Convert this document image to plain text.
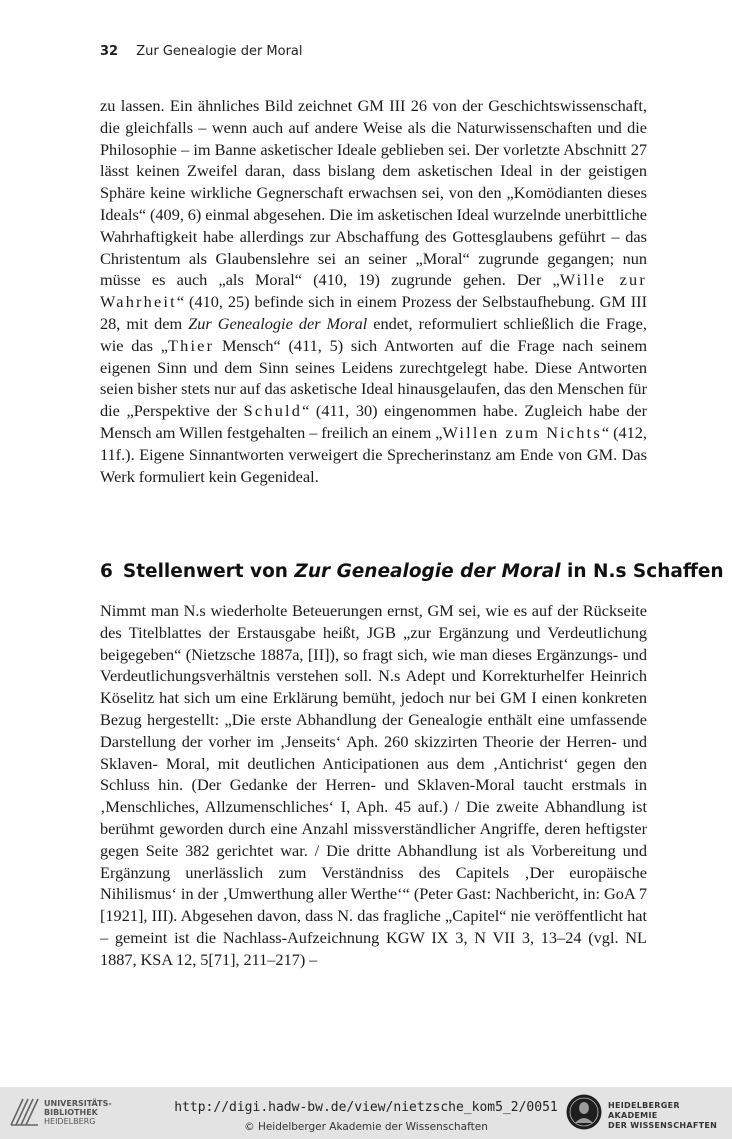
32 Zur Genealogie der Moral

zu lassen. Ein ähnliches Bild zeichnet GM III 26 von der Geschichtswissenschaft, die gleichfalls – wenn auch auf andere Weise als die Naturwissenschaften und die Philosophie – im Banne asketischer Ideale geblieben sei. Der vorletzte Abschnitt 27 lässt keinen Zweifel daran, dass bislang dem asketischen Ideal in der geistigen Sphäre keine wirkliche Gegnerschaft erwachsen sei, von den „Komödianten dieses Ideals“ (409, 6) einmal abgesehen. Die im asketischen Ideal wurzelnde unerbittliche Wahrhaftigkeit habe allerdings zur Abschaffung des Gottesglaubens geführt – das Christentum als Glaubenslehre sei an seiner „Moral“ zugrunde gegangen; nun müsse es auch „als Moral“ (410, 19) zugrunde gehen. Der „Wille zur Wahrheit“ (410, 25) befinde sich in einem Prozess der Selbstaufhebung. GM III 28, mit dem Zur Genealogie der Moral endet, reformuliert schließlich die Frage, wie das „Thier Mensch“ (411, 5) sich Antworten auf die Frage nach seinem eigenen Sinn und dem Sinn seines Leidens zurechtgelegt habe. Diese Antworten seien bisher stets nur auf das asketische Ideal hinausgelaufen, das den Menschen für die „Perspektive der Schuld“ (411, 30) eingenommen habe. Zugleich habe der Mensch am Willen festgehalten – freilich an einem „Willen zum Nichts“ (412, 11f.). Eigene Sinnantworten verweigert die Sprecherinstanz am Ende von GM. Das Werk formuliert kein Gegenideal.

6 Stellenwert von Zur Genealogie der Moral in N.s Schaffen

Nimmt man N.s wiederholte Beteuerungen ernst, GM sei, wie es auf der Rückseite des Titelblattes der Erstausgabe heißt, JGB „zur Ergänzung und Verdeutlichung beigegeben“ (Nietzsche 1887a, [II]), so fragt sich, wie man dieses Ergänzungs- und Verdeutlichungsverhältnis verstehen soll. N.s Adept und Korrekturhelfer Heinrich Köselitz hat sich um eine Erklärung bemüht, jedoch nur bei GM I einen konkreten Bezug hergestellt: „Die erste Abhandlung der Genealogie enthält eine umfassende Darstellung der vorher im ‚Jenseits‘ Aph. 260 skizzirten Theorie der Herren- und Sklaven- Moral, mit deutlichen Anticipationen aus dem ‚Antichrist‘ gegen den Schluss hin. (Der Gedanke der Herren- und Sklaven-Moral taucht erstmals in ‚Menschliches, Allzumenschliches‘ I, Aph. 45 auf.) / Die zweite Abhandlung ist berühmt geworden durch eine Anzahl missverständlicher Angriffe, deren heftigster gegen Seite 382 gerichtet war. / Die dritte Abhandlung ist als Vorbereitung und Ergänzung unerlässlich zum Verständniss des Capitels ‚Der europäische Nihilismus‘ in der ‚Umwerthung aller Werthe‘“ (Peter Gast: Nachbericht, in: GoA 7 [1921], III). Abgesehen davon, dass N. das fragliche „Capitel“ nie veröffentlicht hat – gemeint ist die Nachlass-Aufzeichnung KGW IX 3, N VII 3, 13–24 (vgl. NL 1887, KSA 12, 5[71], 211–217) –

UNIVERSITÄTS-
BIBLIOTHEK
HEIDELBERG
http://digi.hadw-bw.de/view/nietzsche_kom5_2/0051
© Heidelberger Akademie der Wissenschaften
HEIDELBERGER AKADEMIE
DER WISSENSCHAFTEN
